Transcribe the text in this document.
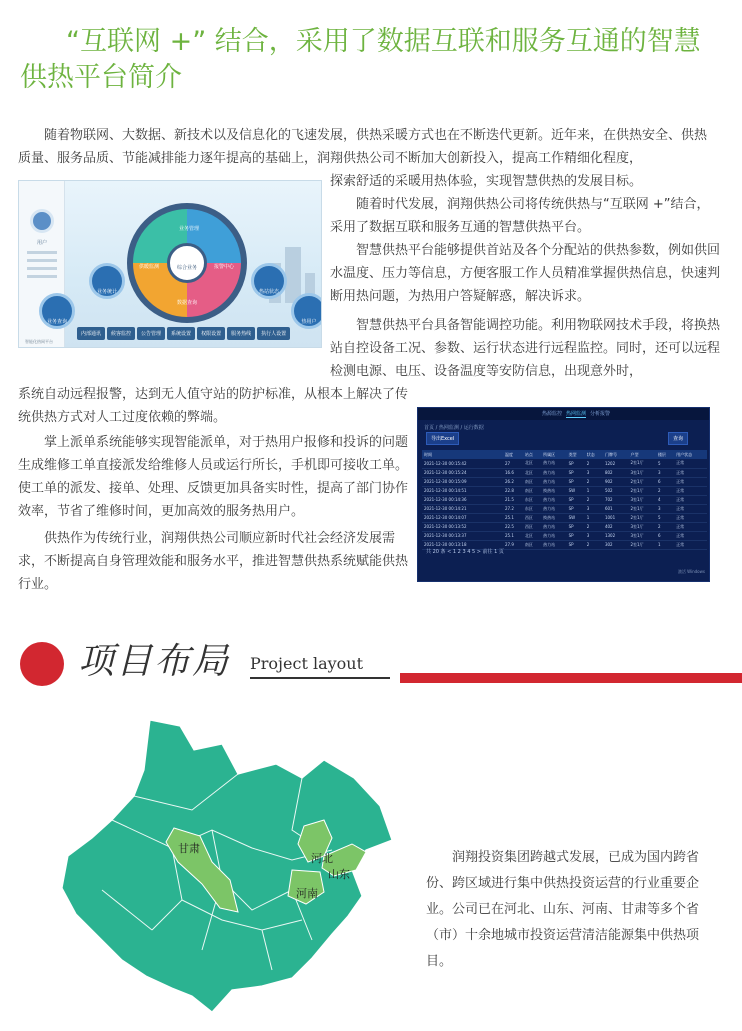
“互联网 +” 结合，采用了数据互联和服务互通的智慧
供热平台简介

随着物联网、大数据、新技术以及信息化的飞速发展，供热采暖方式也在不断迭代更新。近年来，在供热安全、供热质量、服务品质、节能减排能力逐年提高的基础上，润翔供热公司不断加大创新投入，提高工作精细化程度，

探索舒适的采暖用热体验，实现智慧供热的发展目标。

用户
业务管理
报警中心
数据查询
供暖监测	综合业务
业务统计
业务查询
热站状态
热用户
内部通讯	候客监控	公告管理	系统设置	权限设置	服务热线	执行人设置
智能化热网平台

随着时代发展，润翔供热公司将传统供热与“互联网 +”结合，采用了数据互联和服务互通的智慧供热平台。

智慧供热平台能够提供首站及各个分配站的供热参数，例如供回水温度、压力等信息，方便客服工作人员精准掌握供热信息，快速判断用热问题，为热用户答疑解惑，解决诉求。

智慧供热平台具备智能调控功能。利用物联网技术手段，将换热站自控设备工况、参数、运行状态进行远程监控。同时，还可以远程检测电源、电压、设备温度等安防信息，出现意外时，

系统自动远程报警，达到无人值守站的防护标准，从根本上解决了传统供热方式对人工过度依赖的弊端。

掌上派单系统能够实现智能派单，对于热用户报修和投诉的问题生成维修工单直接派发给维修人员或运行所长，手机即可接收工单。使工单的派发、接单、处理、反馈更加具备实时性，提高了部门协作效率，节省了维修时间，更加高效的服务热用户。

供热作为传统行业，润翔供热公司顺应新时代社会经济发展需求，不断提高自身管理效能和服务水平，推进智慧供热系统赋能供热行业。

热源监控 热网监测 分析报警
首页 / 热网监测 / 运行数据
导出Excel	查询
时间	温度	站点	所属区	类型	状态	门牌号	户型	楼层	用户状态
2021-12-30 00:15:42	27	北区	热力站	SP	2	1202	2室1厅	5	正常
2021-12-30 00:15:24	16.6	北区	热力站	SP	3	802	3室1厅	3	正常
2021-12-30 00:15:09	26.2	南区	热力站	SP	2	902	2室1厅	6	正常
2021-12-30 00:14:51	22.8	南区	换热站	SW	1	502	2室1厅	2	正常
2021-12-30 00:14:36	21.5	东区	热力站	SP	2	702	3室1厅	4	正常
2021-12-30 00:14:21	27.2	东区	热力站	SP	3	601	2室1厅	3	正常
2021-12-30 00:14:07	25.1	西区	换热站	SW	1	1001	2室1厅	5	正常
2021-12-30 00:13:52	22.5	西区	热力站	SP	2	402	3室1厅	2	正常
2021-12-30 00:13:37	25.1	北区	热力站	SP	3	1302	3室1厅	6	正常
2021-12-30 00:13:18	27.9	南区	热力站	SP	2	302	2室1厅	1	正常
共 20 条 < 1 2 3 4 5 > 前往 1 页
激活 Windows
项目布局 Project layout
甘肃
河北
山东
河南

润翔投资集团跨越式发展，已成为国内跨省份、跨区域进行集中供热投资运营的行业重要企业。公司已在河北、山东、河南、甘肃等多个省（市）十余地城市投资运营清洁能源集中供热项目。
